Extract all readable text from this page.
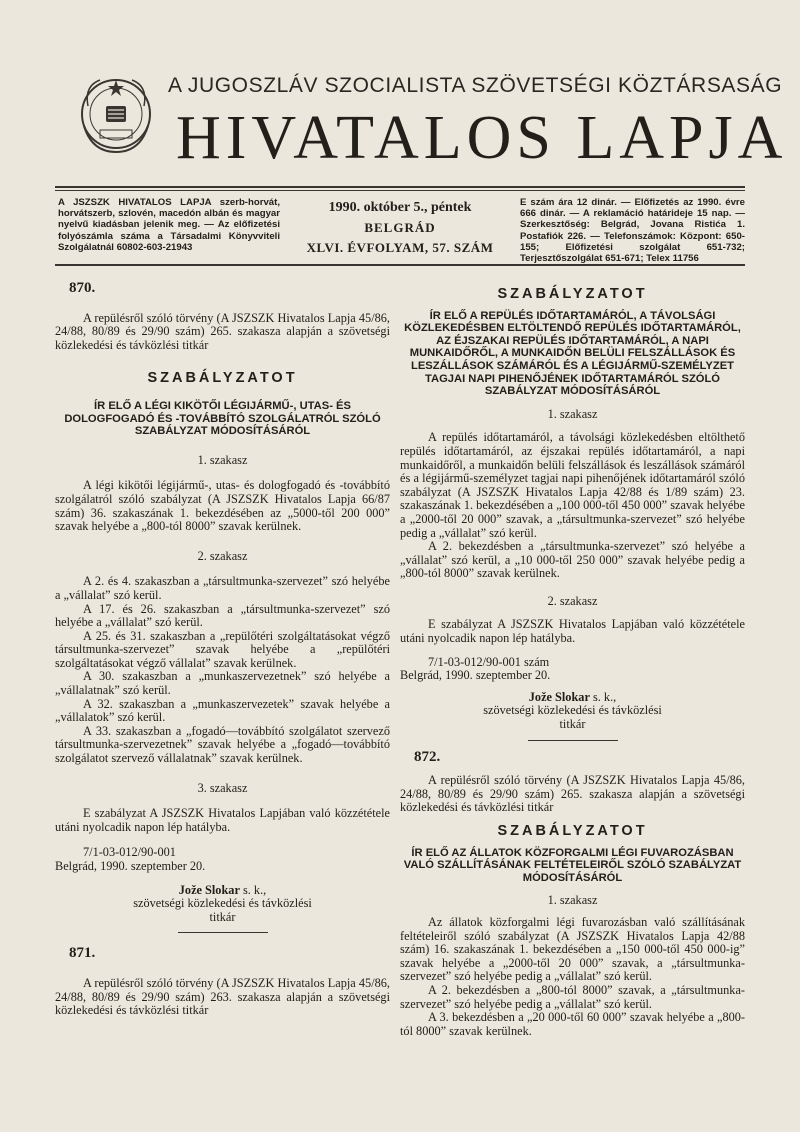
A JUGOSZLÁV SZOCIALISTA SZÖVETSÉGI KÖZTÁRSASÁG
HIVATALOS LAPJA
A JSZSZK HIVATALOS LAPJA szerb-horvát, horvátszerb, szlovén, macedón albán és magyar nyelvű kiadásban jelenik meg. — Az előfizetési folyószámla száma a Társadalmi Könyvviteli Szolgálatnál 60802-603-21943
1990. október 5., péntek
BELGRÁD
XLVI. ÉVFOLYAM, 57. SZÁM
E szám ára 12 dinár. — Előfizetés az 1990. évre 666 dinár. — A reklamáció határideje 15 nap. — Szerkesztőség: Belgrád, Jovana Ristića 1. Postafiók 226. — Telefonszámok: Központ: 650-155; Előfizetési szolgálat 651-732; Terjesztőszolgálat 651-671; Telex 11756

870.

A repülésről szóló törvény (A JSZSZK Hivatalos Lapja 45/86, 24/88, 80/89 és 29/90 szám) 265. szakasza alapján a szövetségi közlekedési és távközlési titkár

SZABÁLYZATOT

ÍR ELŐ A LÉGI KIKÖTŐI LÉGIJÁRMŰ-, UTAS- ÉS DOLOGFOGADÓ ÉS -TOVÁBBÍTÓ SZOLGÁLATRÓL SZÓLÓ SZABÁLYZAT MÓDOSÍTÁSÁRÓL

1. szakasz

A légi kikötői légijármű-, utas- és dologfogadó és -továbbító szolgálatról szóló szabályzat (A JSZSZK Hivatalos Lapja 66/87 szám) 36. szakaszának 1. bekezdésében az „5000-től 200 000” szavak helyébe a „800-tól 8000” szavak kerülnek.

2. szakasz

A 2. és 4. szakaszban a „társultmunka-szervezet” szó helyébe a „vállalat” szó kerül.

A 17. és 26. szakaszban a „társultmunka-szervezet” szó helyébe a „vállalat” szó kerül.

A 25. és 31. szakaszban a „repülőtéri szolgáltatásokat végző társultmunka-szervezet” szavak helyébe a „repülőtéri szolgáltatásokat végző vállalat” szavak kerülnek.

A 30. szakaszban a „munkaszervezetnek” szó helyébe a „vállalatnak” szó kerül.

A 32. szakaszban a „munkaszervezetek” szavak helyébe a „vállalatok” szó kerül.

A 33. szakaszban a „fogadó—továbbító szolgálatot szervező társultmunka-szervezetnek” szavak helyébe a „fogadó—továbbító szolgálatot szervező vállalatnak” szavak kerülnek.

3. szakasz

E szabályzat A JSZSZK Hivatalos Lapjában való közzététele utáni nyolcadik napon lép hatályba.

7/1-03-012/90-001

Belgrád, 1990. szeptember 20.

Jože Slokar s. k.,

szövetségi közlekedési és távközlési

titkár

871.

A repülésről szóló törvény (A JSZSZK Hivatalos Lapja 45/86, 24/88, 80/89 és 29/90 szám) 263. szakasza alapján a szövetségi közlekedési és távközlési titkár

SZABÁLYZATOT

ÍR ELŐ A REPÜLÉS IDŐTARTAMÁRÓL, A TÁVOLSÁGI KÖZLEKEDÉSBEN ELTÖLTENDŐ REPÜLÉS IDŐTARTAMÁRÓL, AZ ÉJSZAKAI REPÜLÉS IDŐTARTAMÁRÓL, A NAPI MUNKAIDŐRŐL, A MUNKAIDŐN BELÜLI FELSZÁLLÁSOK ÉS LESZÁLLÁSOK SZÁMÁRÓL ÉS A LÉGIJÁRMŰ-SZEMÉLYZET TAGJAI NAPI PIHENŐJÉNEK IDŐTARTAMÁRÓL SZÓLÓ SZABÁLYZAT MÓDOSÍTÁSÁRÓL

1. szakasz

A repülés időtartamáról, a távolsági közlekedésben eltölthető repülés időtartamáról, az éjszakai repülés időtartamáról, a napi munkaidőről, a munkaidőn belüli felszállások és leszállások számáról és a légijármű-személyzet tagjai napi pihenőjének időtartamáról szóló szabályzat (A JSZSZK Hivatalos Lapja 42/88 és 1/89 szám) 23. szakaszának 1. bekezdésében a „100 000-től 450 000” szavak helyébe a „2000-től 20 000” szavak, a „társultmunka-szervezet” szó helyébe pedig a „vállalat” szó kerül.

A 2. bekezdésben a „társultmunka-szervezet” szó helyébe a „vállalat” szó kerül, a „10 000-től 250 000” szavak helyébe pedig a „800-tól 8000” szavak kerülnek.

2. szakasz

E szabályzat A JSZSZK Hivatalos Lapjában való közzététele utáni nyolcadik napon lép hatályba.

7/1-03-012/90-001 szám

Belgrád, 1990. szeptember 20.

Jože Slokar s. k.,

szövetségi közlekedési és távközlési

titkár

872.

A repülésről szóló törvény (A JSZSZK Hivatalos Lapja 45/86, 24/88, 80/89 és 29/90 szám) 265. szakasza alapján a szövetségi közlekedési és távközlési titkár

SZABÁLYZATOT

ÍR ELŐ AZ ÁLLATOK KÖZFORGALMI LÉGI FUVAROZÁSBAN VALÓ SZÁLLÍTÁSÁNAK FELTÉTELEIRŐL SZÓLÓ SZABÁLYZAT MÓDOSÍTÁSÁRÓL

1. szakasz

Az állatok közforgalmi légi fuvarozásban való szállításának feltételeiről szóló szabályzat (A JSZSZK Hivatalos Lapja 42/88 szám) 16. szakaszának 1. bekezdésében a „150 000-től 450 000-ig” szavak helyébe a „2000-től 20 000” szavak, a „társultmunka-szervezet” szó helyébe pedig a „vállalat” szó kerül.

A 2. bekezdésben a „800-tól 8000” szavak, a „társultmunka-szervezet” szó helyébe pedig a „vállalat” szó kerül.

A 3. bekezdésben a „20 000-től 60 000” szavak helyébe a „800-tól 8000” szavak kerülnek.
